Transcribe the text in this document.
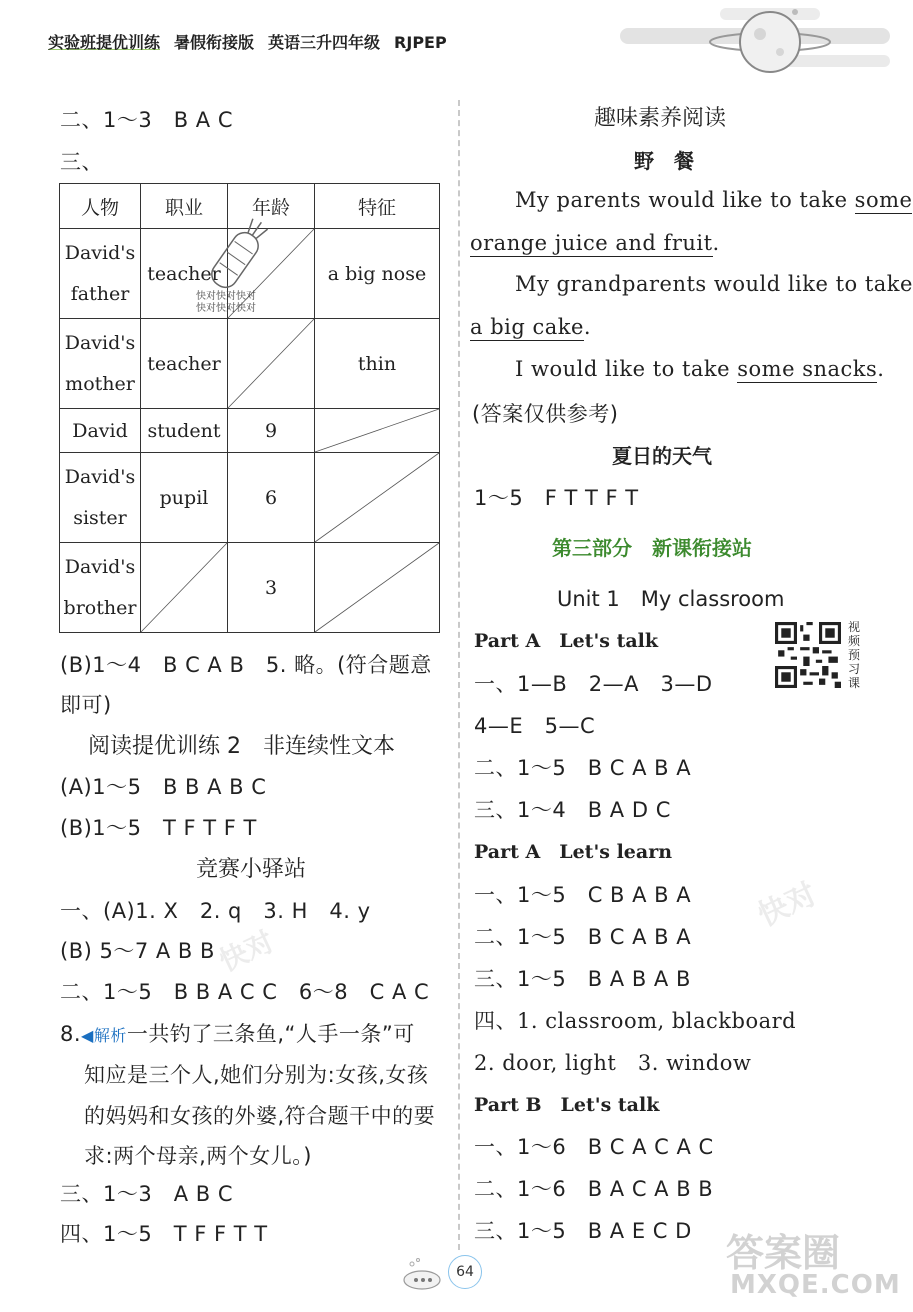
实验班提优训练 暑假衔接版 英语三升四年级 RJPEP
二、1～3　B A C
三、
人物	职业	年龄	特征

David's
father	teacher		a big nose

David's
mother	teacher		thin
David	student	9	

David's
sister	pupil	6	

David's
brother		3	
快对快对快对
快对快对快对
(B)1～4　B C A B　5. 略。(符合题意
即可)
阅读提优训练 2　非连续性文本
(A)1～5　B B A B C
(B)1～5　T F T F T
竞赛小驿站
一、(A)1. X　2. q　3. H　4. y
(B) 5～7 A B B
二、1～5　B B A C C　6～8　C A C
8.◀解析一共钓了三条鱼,“人手一条”可
知应是三个人,她们分别为:女孩,女孩
的妈妈和女孩的外婆,符合题干中的要
求:两个母亲,两个女儿。)
三、1～3　A B C
四、1～5　T F F T T
趣味素养阅读
野　餐
My parents would like to take some
orange juice and fruit.
My grandparents would like to take
a big cake.
I would like to take some snacks.
(答案仅供参考)
夏日的天气
1～5　F T T F T
第三部分　新课衔接站
Unit 1　My classroom
视
频
预
习
课
Part A　Let's talk
一、1—B　2—A　3—D
4—E　5—C
二、1～5　B C A B A
三、1～4　B A D C
Part A　Let's learn
一、1～5　C B A B A
二、1～5　B C A B A
三、1～5　B A B A B
四、1. classroom, blackboard
2. door, light　3. window
Part B　Let's talk
一、1～6　B C A C A C
二、1～6　B A C A B B
三、1～5　B A E C D
快对
快对
答案圈
MXQE.COM
64
